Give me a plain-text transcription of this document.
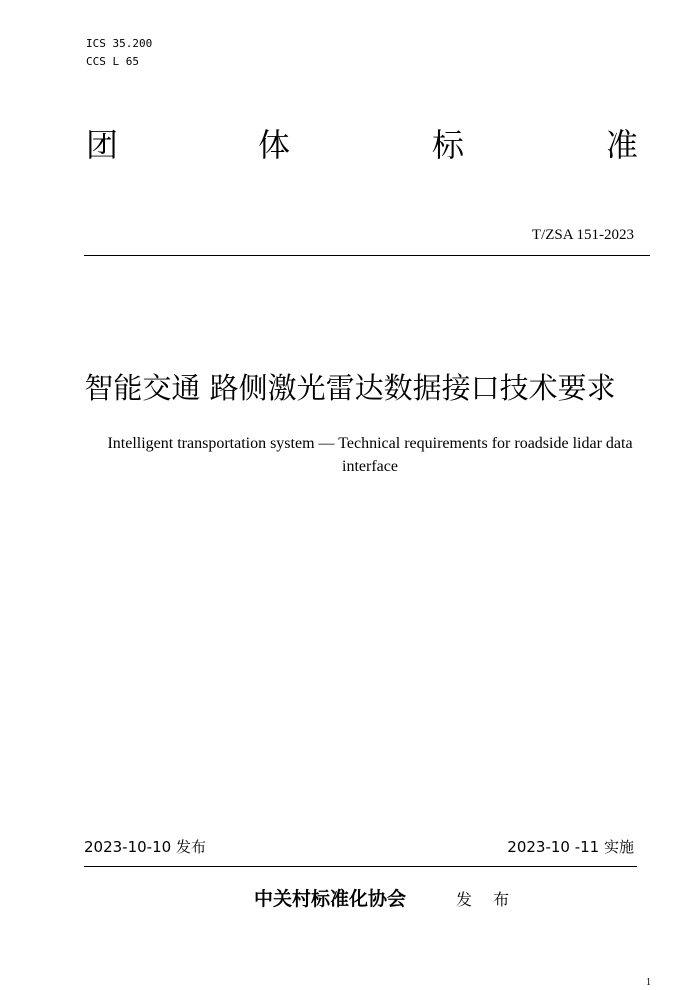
ICS 35.200
CCS L 65
团	体	标	准
T/ZSA 151-2023
智能交通 路侧激光雷达数据接口技术要求
Intelligent transportation system — Technical requirements for roadside lidar data interface
2023-10-10 发布	2023-10 -11 实施
中关村标准化协会	发 布
1
